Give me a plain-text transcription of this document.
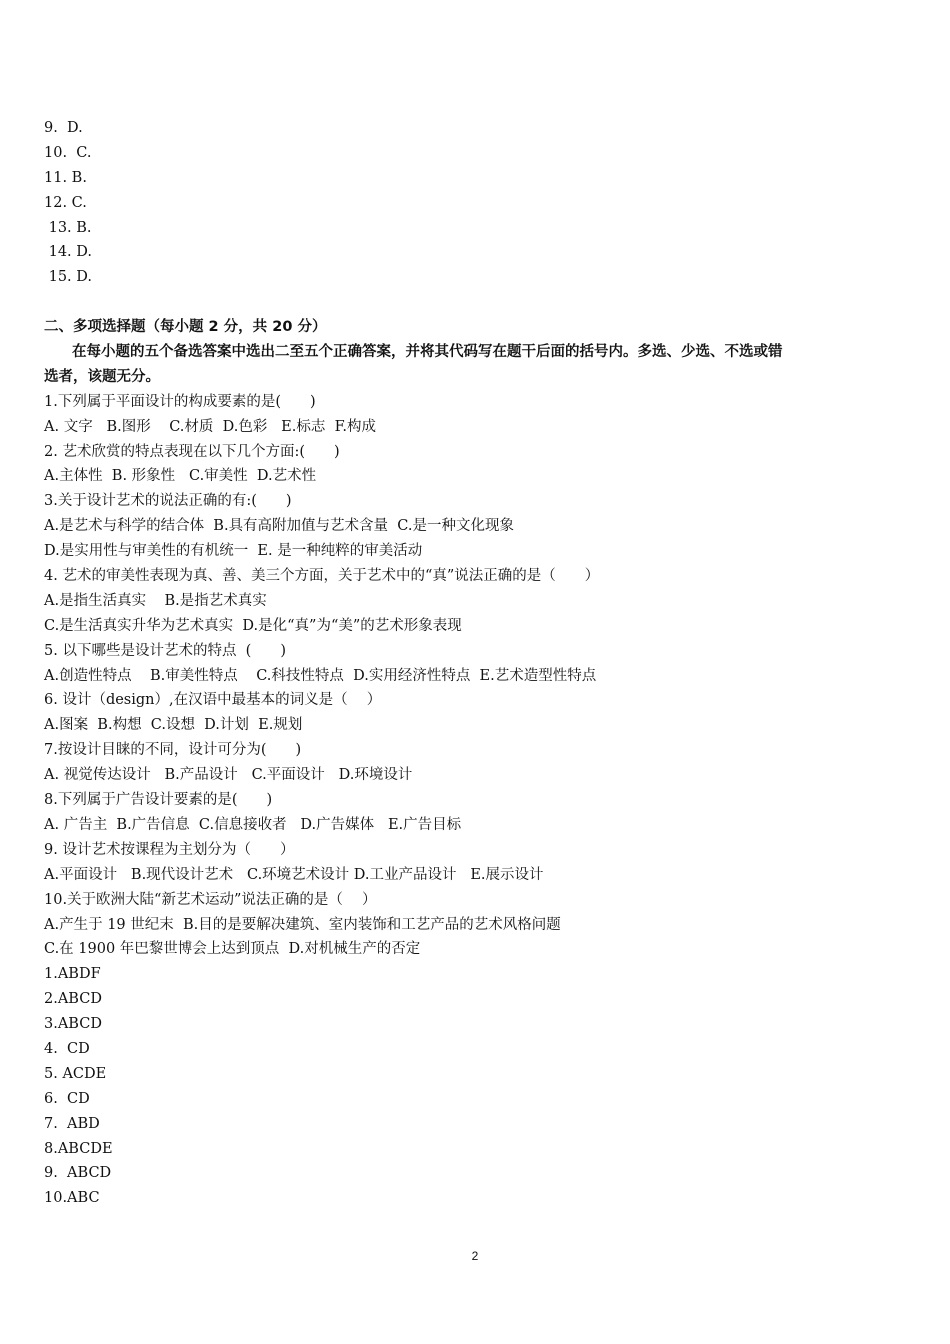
9.  D.
10.  C.
11. B.
12. C.
13. B.
14. D.
15. D.
二、多项选择题（每小题 2 分，共 20 分）
在每小题的五个备选答案中选出二至五个正确答案，并将其代码写在题干后面的括号内。多选、少选、不选或错
选者，该题无分。
1.下列属于平面设计的构成要素的是(　　)
A. 文字   B.图形    C.材质  D.色彩   E.标志  F.构成
2. 艺术欣赏的特点表现在以下几个方面:(　　)
A.主体性  B. 形象性   C.审美性  D.艺术性
3.关于设计艺术的说法正确的有:(　　)
A.是艺术与科学的结合体  B.具有高附加值与艺术含量  C.是一种文化现象
D.是实用性与审美性的有机统一  E. 是一种纯粹的审美活动
4. 艺术的审美性表现为真、善、美三个方面，关于艺术中的“真”说法正确的是（　　）
A.是指生活真实    B.是指艺术真实
C.是生活真实升华为艺术真实  D.是化“真”为“美”的艺术形象表现
5. 以下哪些是设计艺术的特点  (　　)
A.创造性特点    B.审美性特点    C.科技性特点  D.实用经济性特点  E.艺术造型性特点
6. 设计（design）,在汉语中最基本的词义是（　 ）
A.图案  B.构想  C.设想  D.计划  E.规划
7.按设计目睐的不同，设计可分为(　　)
A. 视觉传达设计   B.产品设计   C.平面设计   D.环境设计
8.下列属于广告设计要素的是(　　)
A. 广告主  B.广告信息  C.信息接收者   D.广告媒体   E.广告目标
9. 设计艺术按课程为主划分为（　　）
A.平面设计   B.现代设计艺术   C.环境艺术设计 D.工业产品设计   E.展示设计
10.关于欧洲大陆“新艺术运动”说法正确的是（　 ）
A.产生于 19 世纪末  B.目的是要解决建筑、室内装饰和工艺产品的艺术风格问题
C.在 1900 年巴黎世博会上达到顶点  D.对机械生产的否定
1.ABDF
2.ABCD
3.ABCD
4.  CD
5. ACDE
6.  CD
7.  ABD
8.ABCDE
9.  ABCD
10.ABC
2
